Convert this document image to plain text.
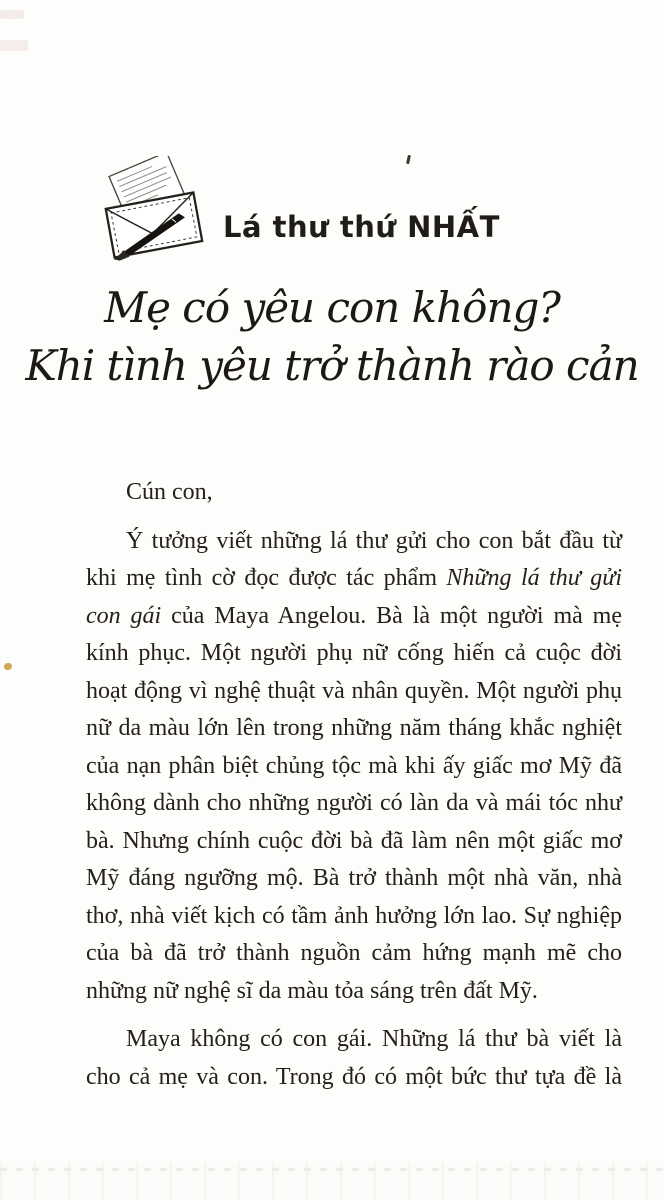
Lá thư thứ NHẤT
Mẹ có yêu con không?
Khi tình yêu trở thành rào cản

Cún con,

Ý tưởng viết những lá thư gửi cho con bắt đầu từ khi mẹ tình cờ đọc được tác phẩm Những lá thư gửi con gái của Maya Angelou. Bà là một người mà mẹ kính phục. Một người phụ nữ cống hiến cả cuộc đời hoạt động vì nghệ thuật và nhân quyền. Một người phụ nữ da màu lớn lên trong những năm tháng khắc nghiệt của nạn phân biệt chủng tộc mà khi ấy giấc mơ Mỹ đã không dành cho những người có làn da và mái tóc như bà. Nhưng chính cuộc đời bà đã làm nên một giấc mơ Mỹ đáng ngưỡng mộ. Bà trở thành một nhà văn, nhà thơ, nhà viết kịch có tầm ảnh hưởng lớn lao. Sự nghiệp của bà đã trở thành nguồn cảm hứng mạnh mẽ cho những nữ nghệ sĩ da màu tỏa sáng trên đất Mỹ.

Maya không có con gái. Những lá thư bà viết là cho cả mẹ và con. Trong đó có một bức thư tựa đề là
